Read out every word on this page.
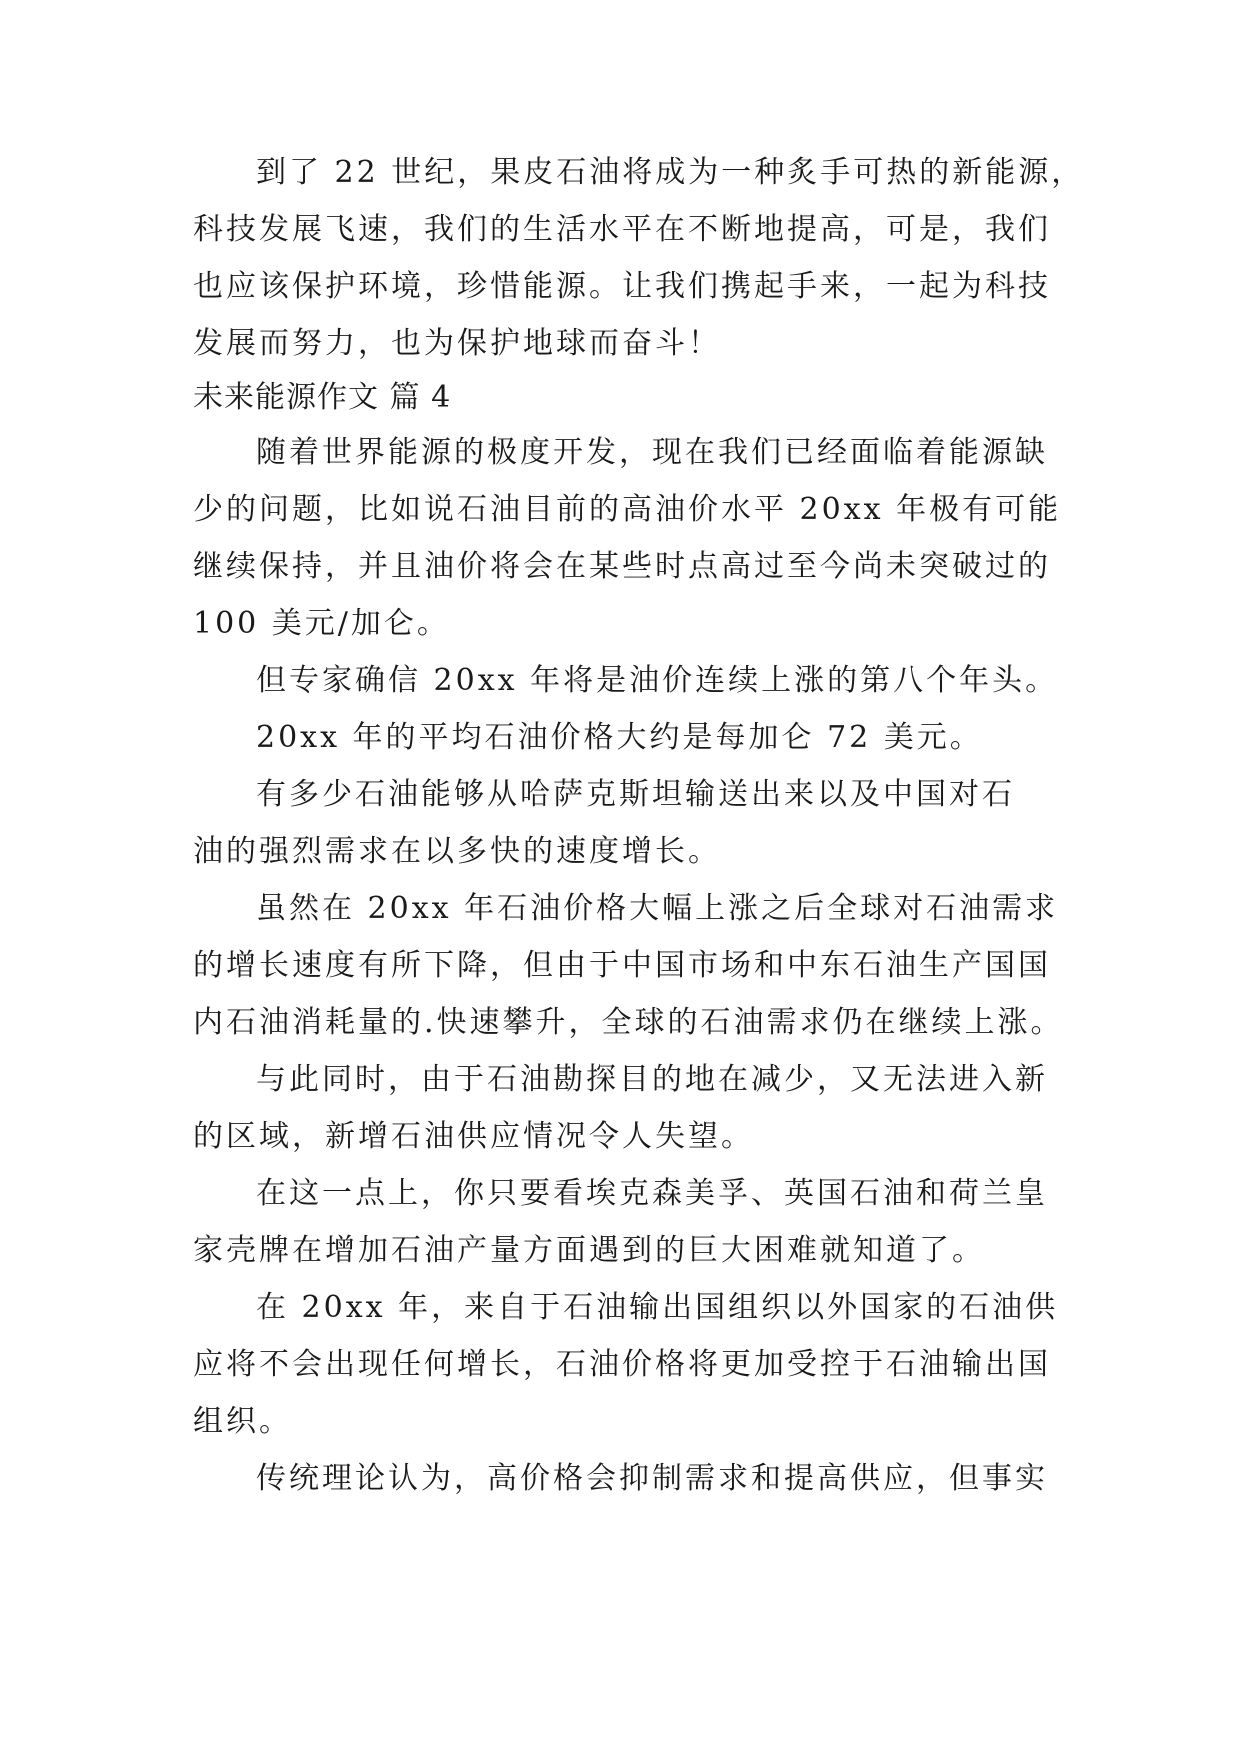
到了 22 世纪，果皮石油将成为一种炙手可热的新能源，
科技发展飞速，我们的生活水平在不断地提高，可是，我们
也应该保护环境，珍惜能源。让我们携起手来，一起为科技
发展而努力，也为保护地球而奋斗！
未来能源作文 篇 4
随着世界能源的极度开发，现在我们已经面临着能源缺
少的问题，比如说石油目前的高油价水平 20xx 年极有可能
继续保持，并且油价将会在某些时点高过至今尚未突破过的
100 美元/加仑。
但专家确信 20xx 年将是油价连续上涨的第八个年头。
20xx 年的平均石油价格大约是每加仑 72 美元。
有多少石油能够从哈萨克斯坦输送出来以及中国对石
油的强烈需求在以多快的速度增长。
虽然在 20xx 年石油价格大幅上涨之后全球对石油需求
的增长速度有所下降，但由于中国市场和中东石油生产国国
内石油消耗量的.快速攀升，全球的石油需求仍在继续上涨。
与此同时，由于石油勘探目的地在减少，又无法进入新
的区域，新增石油供应情况令人失望。
在这一点上，你只要看埃克森美孚、英国石油和荷兰皇
家壳牌在增加石油产量方面遇到的巨大困难就知道了。
在 20xx 年，来自于石油输出国组织以外国家的石油供
应将不会出现任何增长，石油价格将更加受控于石油输出国
组织。
传统理论认为，高价格会抑制需求和提高供应，但事实
